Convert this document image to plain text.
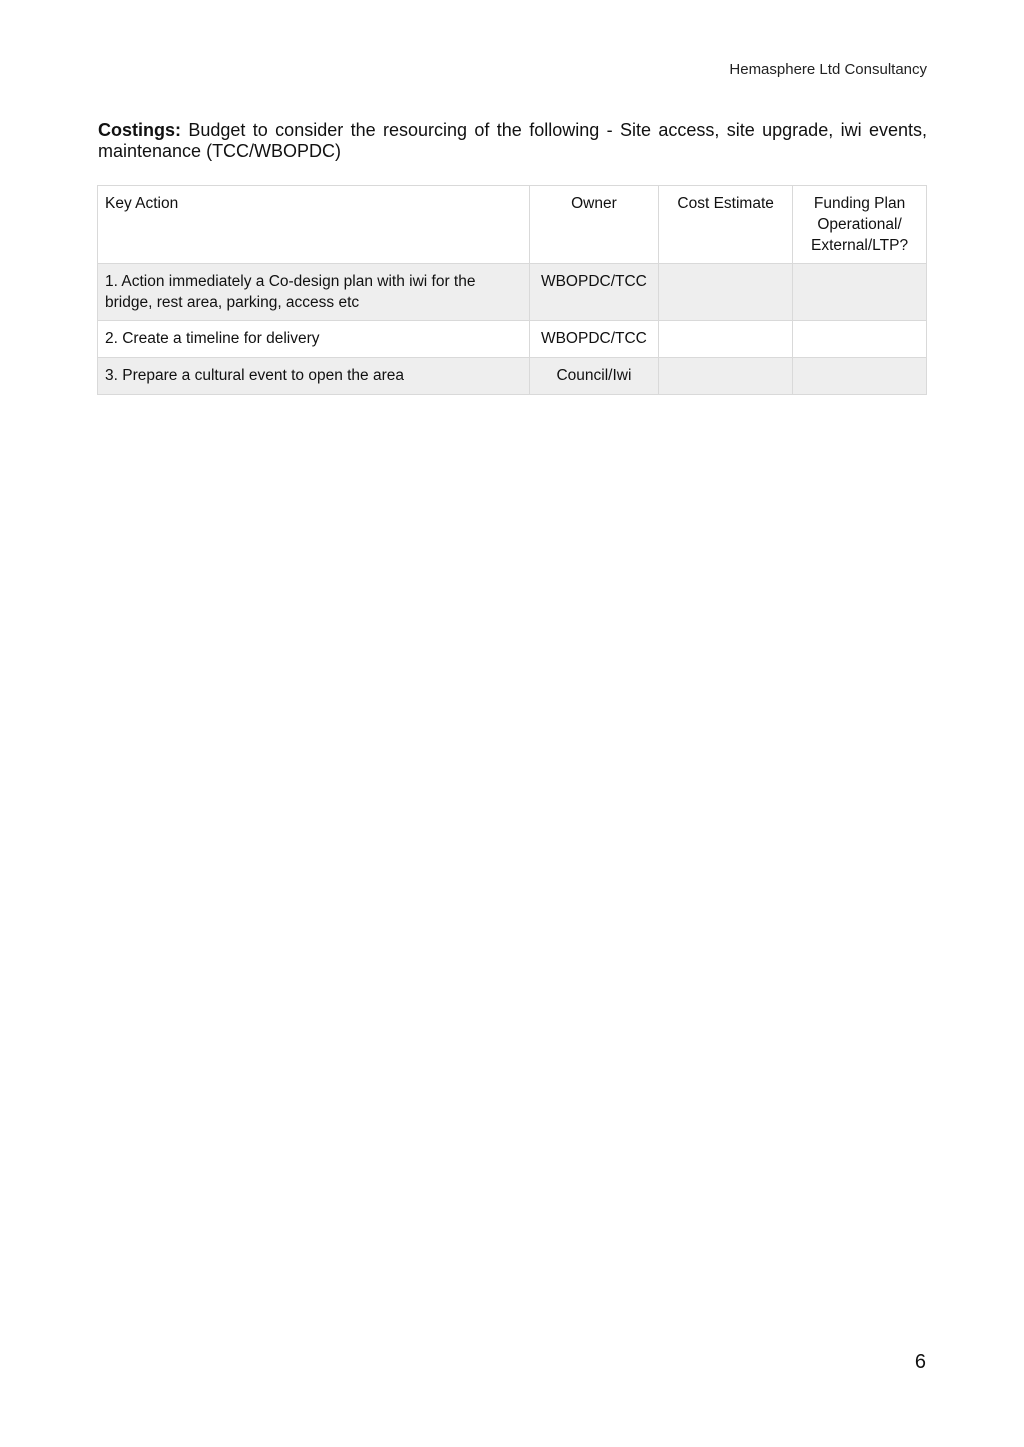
Hemasphere Ltd Consultancy

Costings: Budget to consider the resourcing of the following - Site access, site upgrade, iwi events, maintenance (TCC/WBOPDC)

Key Action	Owner	Cost Estimate	Funding Plan Operational/ External/LTP?
1. Action immediately a Co-design plan with iwi for the bridge, rest area, parking, access etc	WBOPDC/TCC		
2. Create a timeline for delivery	WBOPDC/TCC		
3. Prepare a cultural event to open the area	Council/Iwi		
6
